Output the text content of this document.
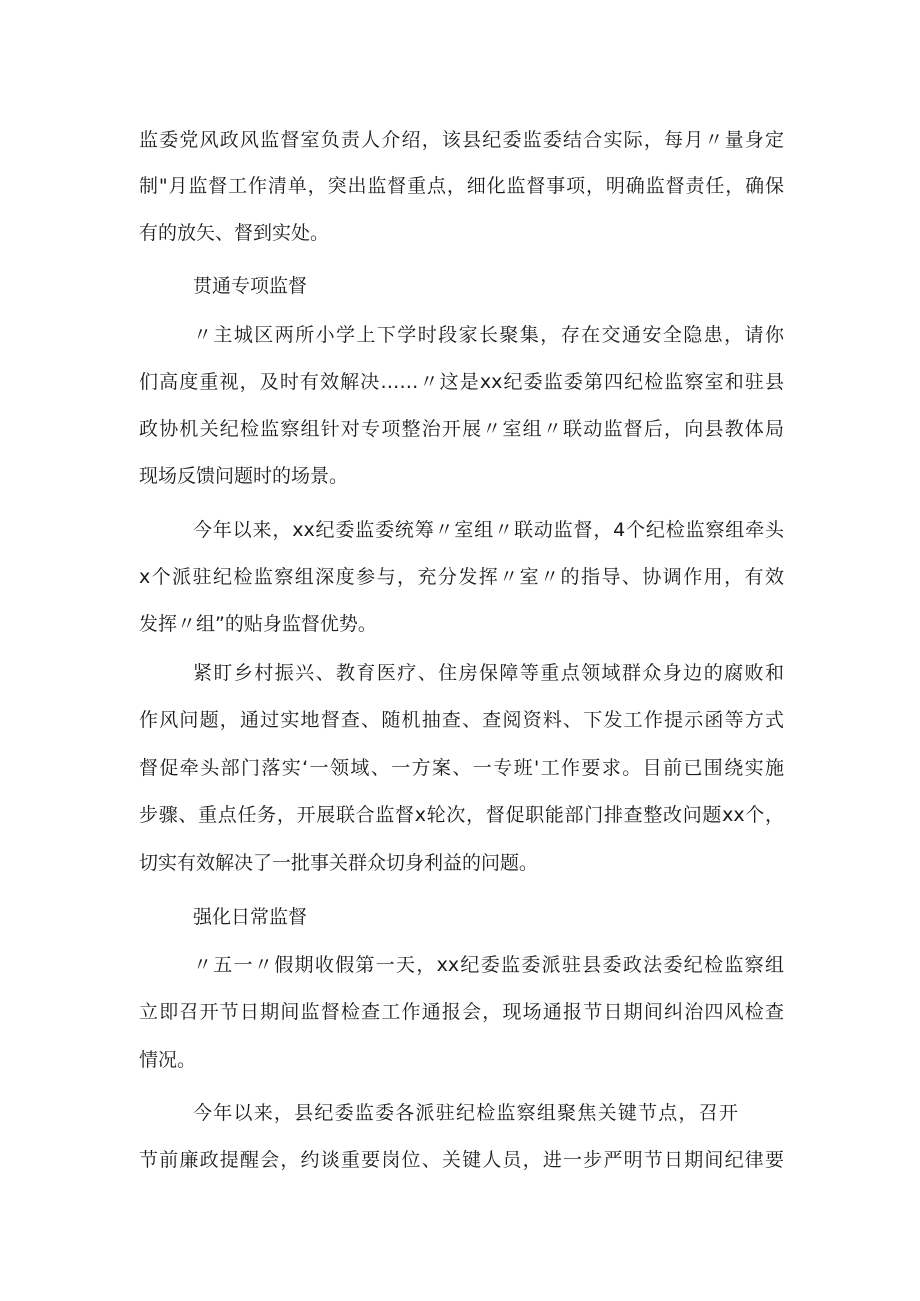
监委党风政风监督室负责人介绍，该县纪委监委结合实际，每月〃量身定
制"月监督工作清单，突出监督重点，细化监督事项，明确监督责任，确保
有的放矢、督到实处。
贯通专项监督
〃主城区两所小学上下学时段家长聚集，存在交通安全隐患，请你
们高度重视，及时有效解决……〃这是xx纪委监委第四纪检监察室和驻县
政协机关纪检监察组针对专项整治开展〃室组〃联动监督后，向县教体局
现场反馈问题时的场景。
今年以来，xx纪委监委统筹〃室组〃联动监督，4个纪检监察组牵头
x个派驻纪检监察组深度参与，充分发挥〃室〃的指导、协调作用，有效
发挥〃组”的贴身监督优势。
紧盯乡村振兴、教育医疗、住房保障等重点领域群众身边的腐败和
作风问题，通过实地督查、随机抽查、查阅资料、下发工作提示函等方式
督促牵头部门落实‘一领域、一方案、一专班'工作要求。目前已围绕实施
步骤、重点任务，开展联合监督x轮次，督促职能部门排查整改问题xx个，
切实有效解决了一批事关群众切身利益的问题。
强化日常监督
〃五一〃假期收假第一天，xx纪委监委派驻县委政法委纪检监察组
立即召开节日期间监督检查工作通报会，现场通报节日期间纠治四风检查
情况。
今年以来，县纪委监委各派驻纪检监察组聚焦关键节点，召开
节前廉政提醒会，约谈重要岗位、关键人员，进一步严明节日期间纪律要
